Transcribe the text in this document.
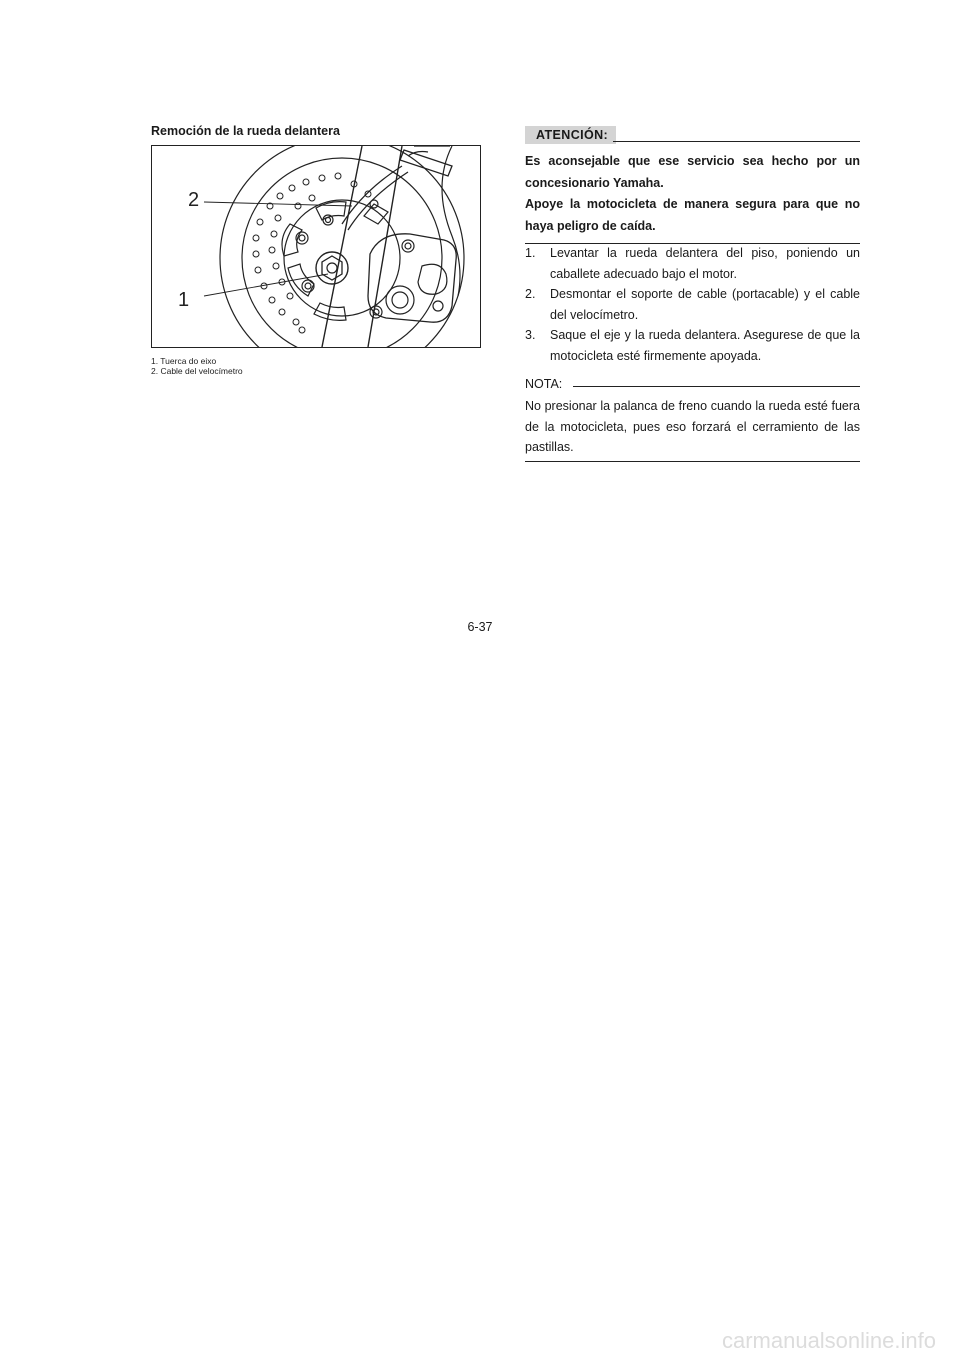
Remoción de la rueda delantera
1
2
1. Tuerca do eixo
2. Cable del velocímetro
ATENCIÓN:

Es aconsejable que ese servicio sea hecho por un concesionario Yamaha.

Apoye la motocicleta de manera segura para que no haya peligro de caída.

1.	Levantar la rueda delantera del piso, poniendo un caballete adecuado bajo el motor.
2.	Desmontar el soporte de cable (portacable) y el cable del velocímetro.
3.	Saque el eje y la rueda delantera. Asegurese de que la motocicleta esté firmemente apoyada.
NOTA:
No presionar la palanca de freno cuando la rueda esté fuera de la motocicleta, pues eso forzará el cerramiento de las pastillas.
6-37
carmanualsonline.info
